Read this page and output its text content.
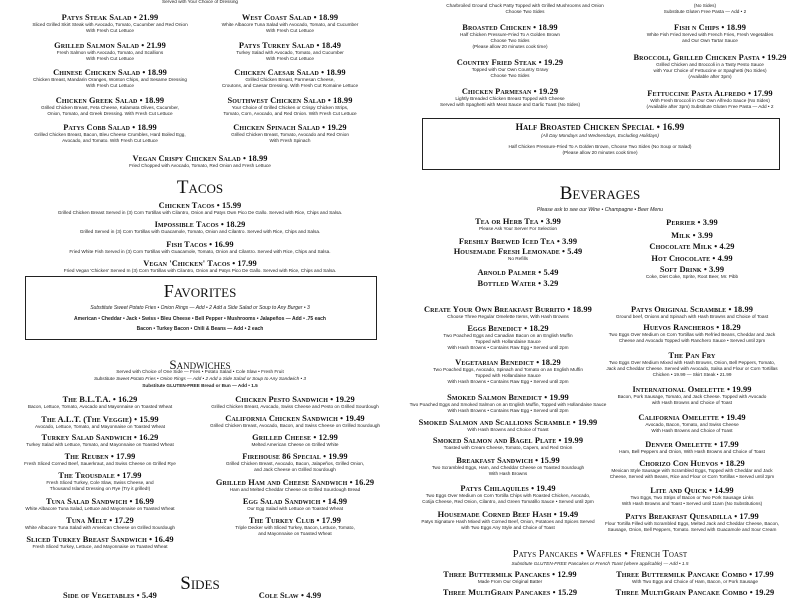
Served with Your Choice of Dressing
Patys Steak Salad • 21.99
Sliced Grilled Skirt Steak with Avocado, Tomato, Cucumber and Red Onion
With Fresh Cut Lettuce
Grilled Salmon Salad • 21.99
Fresh Salmon with Avocado, Tomato, and Scallions
With Fresh Cut Lettuce
Chinese Chicken Salad • 18.99
Chicken Breast, Mandarin Oranges, Wonton Chips, and Sesame Dressing
With Fresh Cut Lettuce
Chicken Greek Salad • 18.99
Grilled Chicken Breast, Feta Cheese, Kalamata Olives, Cucumber,
Onion, Tomato, and Greek Dressing. With Fresh Cut Lettuce
Patys Cobb Salad • 18.99
Grilled Chicken Breast, Bacon, Bleu Cheese Crumbles, Hard Boiled Egg,
Avocado, and Tomato. With Fresh Cut Lettuce
West Coast Salad • 18.99
White Albacore Tuna Salad with Avocado, Tomato, and Cucumber
With Fresh Cut Lettuce
Patys Turkey Salad • 18.49
Turkey Salad with Avocado, Tomato, and Cucumber
With Fresh Cut Lettuce
Chicken Caesar Salad • 18.99
Grilled Chicken Breast, Parmesan Cheese,
Croutons, and Caesar Dressing. With Fresh Cut Romaine Lettuce
Southwest Chicken Salad • 18.99
Your Choice of Grilled Chicken or Crispy Chicken Strips,
Tomato, Corn, Avocado, and Red Onion. With Fresh Cut Lettuce
Chicken Spinach Salad • 19.29
Grilled Chicken Breast, Tomato, Avocado and Red Onion
With Fresh Spinach
Vegan Crispy Chicken Salad • 18.99
Fried Chopped with Avocado, Tomato, Red Onion and Fresh Lettuce
Tacos
Chicken Tacos • 15.99
Grilled Chicken Breast Served in (3) Corn Tortillas with Cilantro, Onion and Patys Own Pico De Gallo. Served with Rice, Chips and Salsa.
Impossible Tacos • 18.29
Grilled Served in (3) Corn Tortillas with Guacamole, Tomato, Onion and Cilantro. Served with Rice, Chips and Salsa.
Fish Tacos • 16.99
Fried White Fish Served in (3) Corn Tortillas with Guacamole, Tomato, Onion and Cilantro. Served with Rice, Chips and Salsa.
Vegan 'Chicken' Tacos • 17.99
Fried Vegan 'Chicken' Served In (3) Corn Tortillas with Cilantro, Onion and Patys Pico De Gallo. Served with Rice, Chips and Salsa.
Favorites
Substitute Sweet Potato Fries • Onion Rings — Add • 2 Add a Side Salad or Soup to Any Burger • 3
American • Cheddar • Jack • Swiss • Bleu Cheese • Bell Pepper • Mushrooms • Jalapeños — Add • .75 each
Bacon • Turkey Bacon • Chili & Beans — Add • 2 each
Sandwiches
Served with Choice of One Side — Fries • Potato Salad • Cole Slaw • Fresh Fruit
Substitute Sweet Potato Fries • Onion Rings — Add • 2 Add a Side Salad or Soup to Any Sandwich • 3
Substitute GLUTEN-FREE Bread or Bun — Add • 1.5
The B.L.T.A. • 16.29
Bacon, Lettuce, Tomato, Avocado and Mayonnaise on Toasted Wheat
The A.L.T. (The Veggie) • 15.99
Avocado, Lettuce, Tomato, and Mayonnaise on Toasted Wheat
Turkey Salad Sandwich • 16.29
Turkey Salad with Lettuce, Tomato, and Mayonnaise on Toasted Wheat
The Reuben • 17.99
Fresh Sliced Corned Beef, Sauerkraut, and Swiss Cheese on Grilled Rye
The Trousdale • 17.99
Fresh Sliced Turkey, Cole Slaw, Swiss Cheese, and
Thousand Island Dressing on Rye (Try it grilled!)
Tuna Salad Sandwich • 16.99
White Albacore Tuna Salad, Lettuce and Mayonnaise on Toasted Wheat
Tuna Melt • 17.29
White Albacore Tuna Salad with American Cheese on Grilled Sourdough
Sliced Turkey Breast Sandwich • 16.49
Fresh Sliced Turkey, Lettuce, and Mayonnaise on Toasted Wheat
Chicken Pesto Sandwich • 19.29
Grilled Chicken Breast, Avocado, Swiss Cheese and Pesto on Grilled Sourdough
California Chicken Sandwich • 19.49
Grilled Chicken Breast, Avocado, Bacon, and Swiss Cheese on Grilled Sourdough
Grilled Cheese • 12.99
Melted American Cheese on Grilled White
Firehouse 86 Special • 19.99
Grilled Chicken Breast, Avocado, Bacon, Jalapeños, Grilled Onion,
and Jack Cheese on Grilled Sourdough
Grilled Ham and Cheese Sandwich • 16.29
Ham and Melted Cheddar Cheese on Grilled Sourdough Bread
Egg Salad Sandwich • 14.99
Our Egg Salad with Lettuce on Toasted Wheat
The Turkey Club • 17.99
Triple Decker with Sliced Turkey, Bacon, Lettuce, Tomato,
and Mayonnaise on Toasted Wheat
Sides
Side of Vegetables • 5.49	Cole Slaw • 4.99
Charbroiled Ground Chuck Patty Topped with Grilled Mushrooms and Onion
Choose Two Sides
(No Sides)
Substitute Gluten Free Pasta — Add • 2
Broasted Chicken • 18.99
Half Chicken Pressure-Fried To A Golden Brown
Choose Two Sides
(Please allow 20 minutes cook time)
Country Fried Steak • 19.29
Topped with Our Own Country Gravy
Choose Two Sides
Chicken Parmesan • 19.29
Lightly Breaded Chicken Breast Topped with Cheese
Served with Spaghetti with Meat Sauce and Garlic Toast (No Sides)
Fish n Chips • 18.99
White Fish Fried Served with French Fries, Fresh Vegetables
and Our Own Tartar Sauce
Broccoli, Grilled Chicken Pasta • 19.29
Grilled Chicken and Broccoli in a Tasty Pesto Sauce
with Your Choice of Fettuccine or Spaghetti (No Sides)
(Available after 3pm)
Fettuccine Pasta Alfredo • 17.99
With Fresh Broccoli in Our Own Alfredo Sauce (No Sides)
(Available after 3pm) Substitute Gluten Free Pasta — Add • 2
Half Broasted Chicken Special • 16.99
(All Day Mondays and Wednesdays, Excluding Holidays)
Half Chicken Pressure-Fried To A Golden Brown, Choose Two Sides (No Soup or Salad)
(Please allow 20 minutes cook time)
Beverages
Please ask to see our Wine • Champagne • Beer Menu
Tea or Herb Tea • 3.99
Please Ask Your Server For Selection
Freshly Brewed Iced Tea • 3.99
Housemade Fresh Lemonade • 5.49
No Refills
Arnold Palmer • 5.49
Bottled Water • 3.29
Perrier • 3.99
Milk • 3.99
Chocolate Milk • 4.29
Hot Chocolate • 4.99
Soft Drink • 3.99
Coke, Diet Coke, Sprite, Root Beer, Mr. Pibb
Create Your Own Breakfast Burrito • 18.99
Choose Three Regular Omelette Items, With Hash Browns
Eggs Benedict • 18.29
Two Poached Eggs and Canadian Bacon on an English Muffin
Topped with Hollandaise Sauce
With Hash Browns • Contains Raw Egg • Served until 2pm
Vegetarian Benedict • 18.29
Two Poached Eggs, Avocado, Spinach and Tomato on an English Muffin
Topped with Hollandaise Sauce
With Hash Browns • Contains Raw Egg • Served until 2pm
Smoked Salmon Benedict • 19.99
Two Poached Eggs and Smoked Salmon on an English Muffin, Topped with Hollandaise Sauce
With Hash Browns • Contains Raw Egg • Served until 2pm
Smoked Salmon and Scallions Scramble • 19.99
With Hash Browns and Choice of Toast
Smoked Salmon and Bagel Plate • 19.99
Toasted with Cream Cheese, Tomato, Capers, and Red Onion
Breakfast Sandwich • 15.99
Two Scrambled Eggs, Ham, and Cheddar Cheese on Toasted Sourdough
With Hash Browns
Patys Chilaquiles • 19.49
Two Eggs Over Medium on Corn Tortilla Chips with Roasted Chicken, Avocado,
Cotija Cheese, Red Onion, Cilantro, and Green Tomatillo Sauce • Served until 2pm
Housemade Corned Beef Hash • 19.49
Patys Signature Hash Mixed with Corned Beef, Onion, Potatoes and Spices Served
with Two Eggs Any Style and Choice of Toast
Patys Original Scramble • 18.99
Ground beef, Onions and Spinach with Hash Browns and Choice of Toast
Huevos Rancheros • 18.29
Two Eggs Over Medium on Corn Tortillas with Refried Beans, Cheddar and Jack
Cheese and Avocado Topped with Ranchero Sauce • Served until 2pm
The Pan Fry
Two Eggs Over Medium Mixed with Hash Browns, Onion, Bell Peppers, Tomato,
Jack and Cheddar Cheese. Served with Avocado, Salsa and Flour or Corn Tortillas
Chicken • 19.99 — Skirt Steak • 21.99
International Omelette • 19.99
Bacon, Pork Sausage, Tomato, and Jack Cheese. Topped with Avocado
with Hash Browns and Choice of Toast
California Omelette • 19.49
Avocado, Bacon, Tomato, and Swiss Cheese
With Hash Browns and Choice of Toast
Denver Omelette • 17.99
Ham, Bell Peppers and Onion, With Hash Browns and Choice of Toast
Chorizo Con Huevos • 18.29
Mexican Style Sausage with Scrambled Eggs, Topped with Cheddar and Jack
Cheese, Served with Beans, Rice and Flour or Corn Tortillas • Served until 2pm
Lite and Quick • 14.99
Two Eggs, Two Strips of Bacon or Two Pork Sausage Links
With Hash Browns and Toast • Served until 11am (No Substitutions)
Patys Breakfast Quesadilla • 17.99
Flour Tortilla Filled with Scrambled Eggs, Melted Jack and Cheddar Cheese, Bacon,
Sausage, Onion, Bell Peppers, Tomato. Served with Guacamole and Sour Cream
Patys Pancakes • Waffles • French Toast
Substitute GLUTEN-FREE Pancakes or French Toast (where applicable) — Add • 1.5
Three Buttermilk Pancakes • 12.99
Made From Our Original Batter
Three MultiGrain Pancakes • 15.29
Three Buttermilk Pancake Combo • 17.99
With Two Eggs and Choice of Ham, Bacon, or Pork Sausage
Three MultiGrain Pancake Combo • 19.29
